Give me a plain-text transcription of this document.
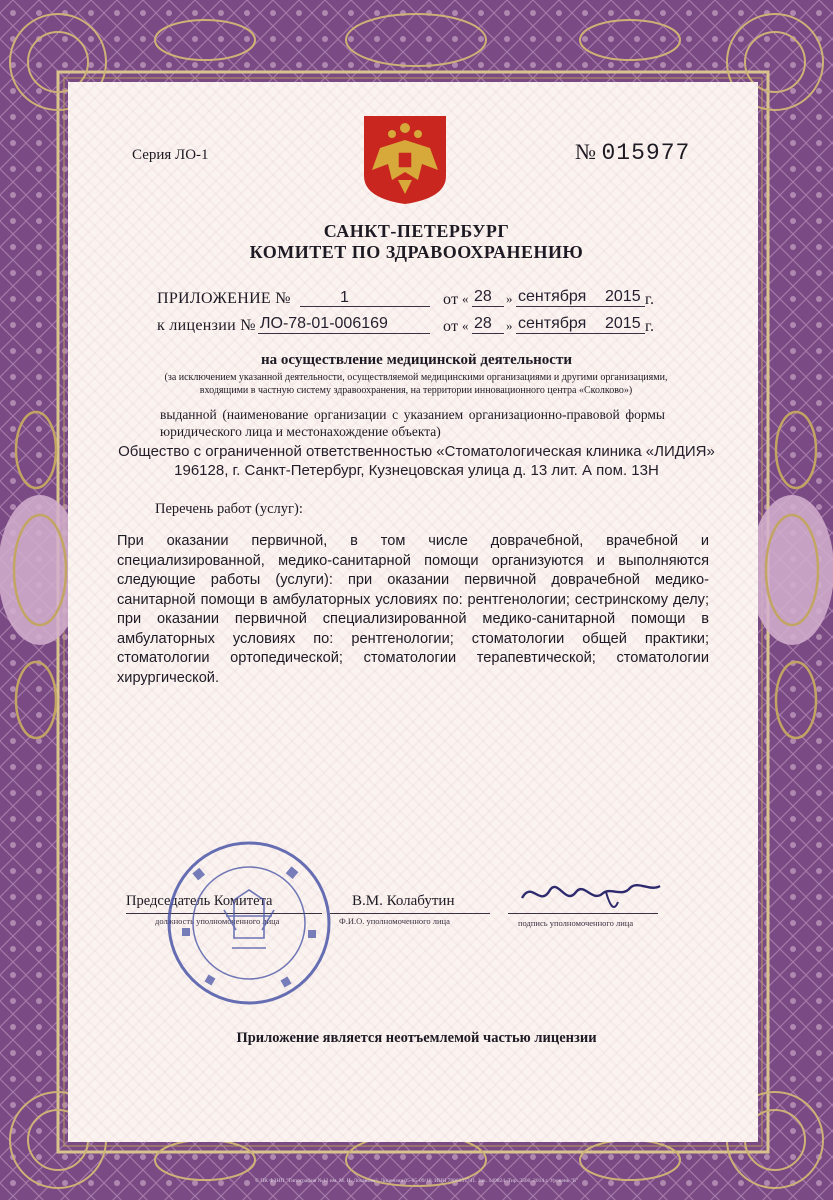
Серия ЛО-1	№ 015977
САНКТ-ПЕТЕРБУРГ
КОМИТЕТ ПО ЗДРАВООХРАНЕНИЮ
ПРИЛОЖЕНИЕ №	1	от « 28 » сентября 2015 г.
к лицензии № ЛО-78-01-006169	от « 28 » сентября 2015 г.
на осуществление медицинской деятельности
(за исключением указанной деятельности, осуществляемой медицинскими организациями и другими организациями, входящими в частную систему здравоохранения, на территории инновационного центра «Сколково»)
выданной (наименование организации с указанием организационно-правовой формы юридического лица и местонахождение объекта)
Общество с ограниченной ответственностью «Стоматологическая клиника «ЛИДИЯ»
196128, г. Санкт-Петербург, Кузнецовская улица д. 13 лит. А пом. 13Н
Перечень работ (услуг):
При оказании первичной, в том числе доврачебной, врачебной и специализированной, медико-санитарной помощи организуются и выполняются следующие работы (услуги): при оказании первичной доврачебной медико-санитарной помощи в амбулаторных условиях по: рентгенологии; сестринскому делу; при оказании первичной специализированной медико-санитарной помощи в амбулаторных условиях по: рентгенологии; стоматологии общей практики; стоматологии ортопедической; стоматологии терапевтической; стоматологии хирургической.
Председатель Комитета
должность уполномоченного лица
В.М. Колабутин
Ф.И.О. уполномоченного лица	подпись уполномоченного лица
Приложение является неотъемлемой частью лицензии
© ПК ФЗНП "Типография №12 им. М. И. Лоханова". Лицензия 05-05-09/19. ИНН 7806037741. Зак. 149824. Тир. 3500. 2014 г. Уровень "Б"
